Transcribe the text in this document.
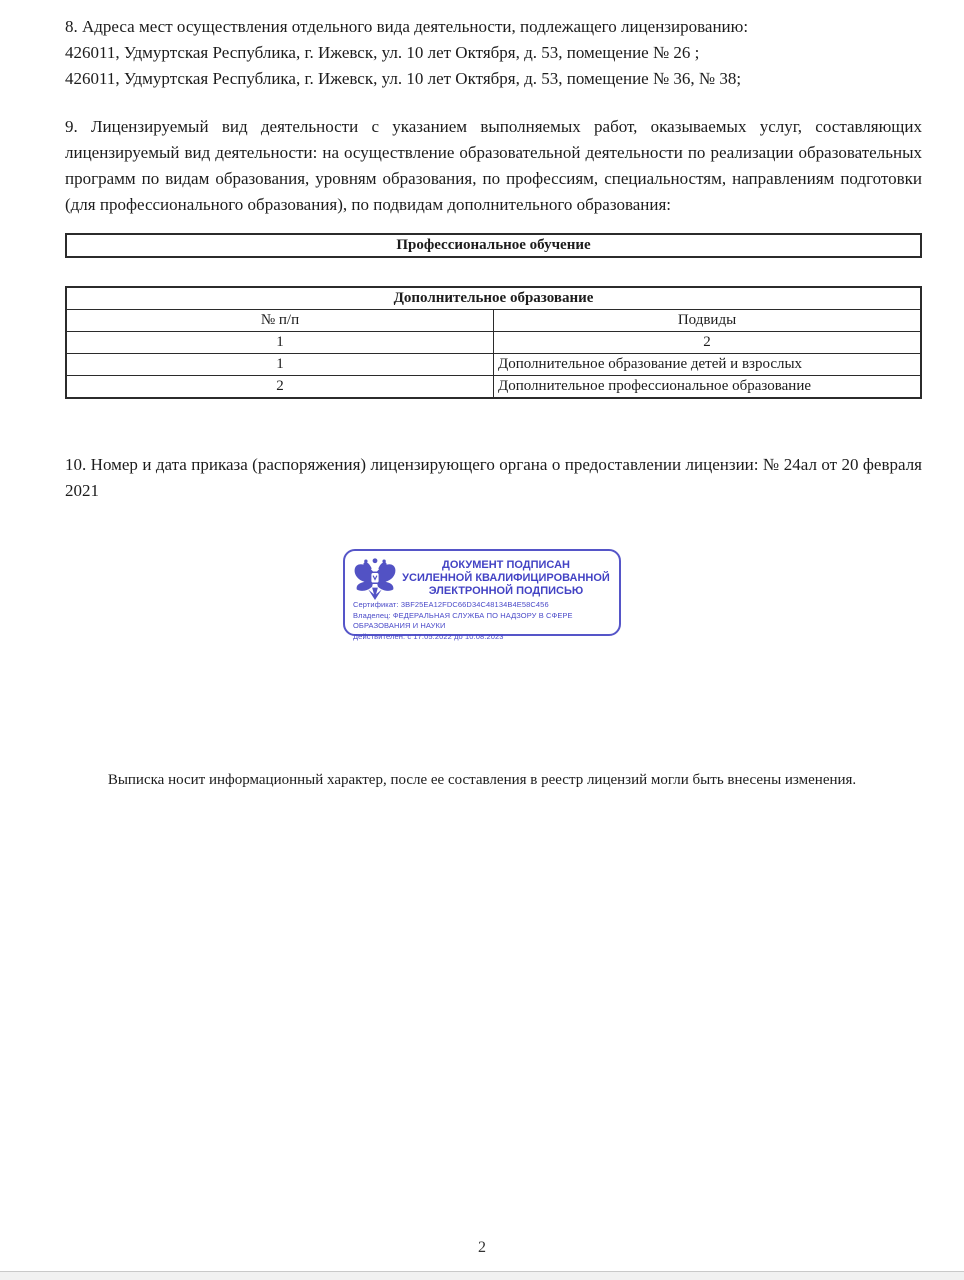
8. Адреса мест осуществления отдельного вида деятельности, подлежащего лицензированию:
426011, Удмуртская Республика, г. Ижевск, ул. 10 лет Октября, д. 53, помещение № 26 ;
426011, Удмуртская Республика, г. Ижевск, ул. 10 лет Октября, д. 53, помещение № 36, № 38;
9. Лицензируемый вид деятельности с указанием выполняемых работ, оказываемых услуг, составляющих лицензируемый вид деятельности: на осуществление образовательной деятельности по реализации образовательных программ по видам образования, уровням образования, по профессиям, специальностям, направлениям подготовки (для профессионального образования), по подвидам дополнительного образования:
Профессиональное обучение
Дополнительное образование	
№ п/п	Подвиды
1	2
1	Дополнительное образование детей и взрослых
2	Дополнительное профессиональное образование
10. Номер и дата приказа (распоряжения) лицензирующего органа о предоставлении лицензии: № 24ал от 20 февраля 2021
ДОКУМЕНТ ПОДПИСАН
УСИЛЕННОЙ КВАЛИФИЦИРОВАННОЙ
ЭЛЕКТРОННОЙ ПОДПИСЬЮ
Сертификат: 3BF25EA12FDC66D34C48134B4E58C456
Владелец: ФЕДЕРАЛЬНАЯ СЛУЖБА ПО НАДЗОРУ В СФЕРЕ ОБРАЗОВАНИЯ И НАУКИ
Действителен: с 17.05.2022 до 10.08.2023
Выписка носит информационный характер, после ее составления в реестр лицензий могли быть внесены изменения.
2
